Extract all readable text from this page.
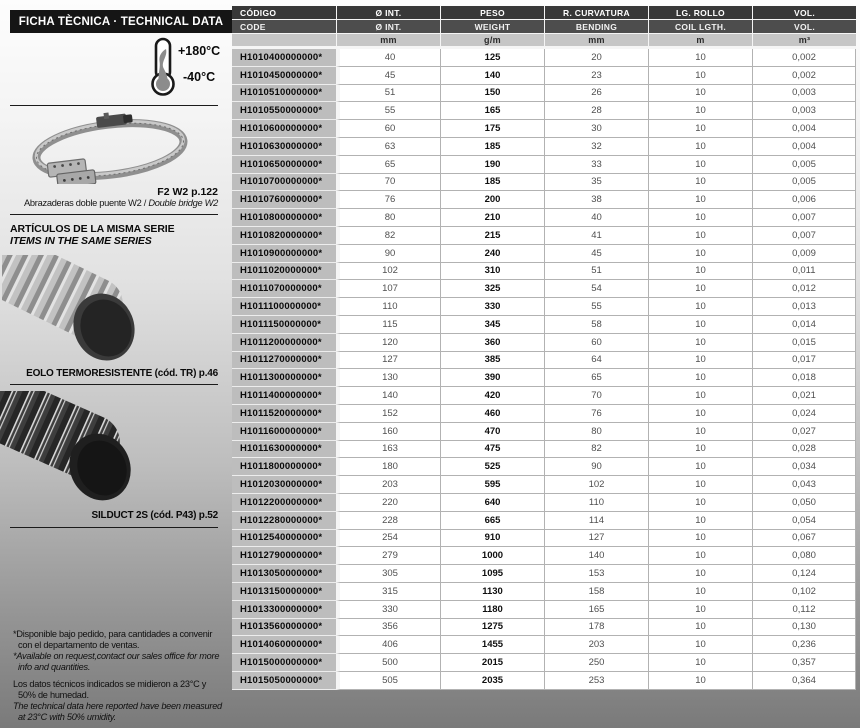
FICHA TÈCNICA · TECHNICAL DATA
+180°C
-40°C
F2 W2 p.122
Abrazaderas doble puente W2 / Double bridge W2
ARTÍCULOS DE LA MISMA SERIE
ITEMS IN THE SAME SERIES
EOLO TERMORESISTENTE (cód. TR) p.46
SILDUCT 2S (cód. P43) p.52

*Disponible bajo pedido, para cantidades a convenir con el departamento de ventas.

*Available on request,contact our sales office for more info and quantities.

Los datos técnicos indicados se midieron a 23°C y 50% de humedad.

The technical data here reported have been measured at 23°C with 50% umidity.

CÓDIGO	Ø INT.	PESO	R. CURVATURA	LG. ROLLO	VOL.
CODE	Ø INT.	WEIGHT	BENDING	COIL LGTH.	VOL.
	mm	g/m	mm	m	m³
H1010400000000*	40	125	20	10	0,002
H1010450000000*	45	140	23	10	0,002
H1010510000000*	51	150	26	10	0,003
H1010550000000*	55	165	28	10	0,003
H1010600000000*	60	175	30	10	0,004
H1010630000000*	63	185	32	10	0,004
H1010650000000*	65	190	33	10	0,005
H1010700000000*	70	185	35	10	0,005
H1010760000000*	76	200	38	10	0,006
H1010800000000*	80	210	40	10	0,007
H1010820000000*	82	215	41	10	0,007
H1010900000000*	90	240	45	10	0,009
H1011020000000*	102	310	51	10	0,011
H1011070000000*	107	325	54	10	0,012
H1011100000000*	110	330	55	10	0,013
H1011150000000*	115	345	58	10	0,014
H1011200000000*	120	360	60	10	0,015
H1011270000000*	127	385	64	10	0,017
H1011300000000*	130	390	65	10	0,018
H1011400000000*	140	420	70	10	0,021
H1011520000000*	152	460	76	10	0,024
H1011600000000*	160	470	80	10	0,027
H1011630000000*	163	475	82	10	0,028
H1011800000000*	180	525	90	10	0,034
H1012030000000*	203	595	102	10	0,043
H1012200000000*	220	640	110	10	0,050
H1012280000000*	228	665	114	10	0,054
H1012540000000*	254	910	127	10	0,067
H1012790000000*	279	1000	140	10	0,080
H1013050000000*	305	1095	153	10	0,124
H1013150000000*	315	1130	158	10	0,102
H1013300000000*	330	1180	165	10	0,112
H1013560000000*	356	1275	178	10	0,130
H1014060000000*	406	1455	203	10	0,236
H1015000000000*	500	2015	250	10	0,357
H1015050000000*	505	2035	253	10	0,364
